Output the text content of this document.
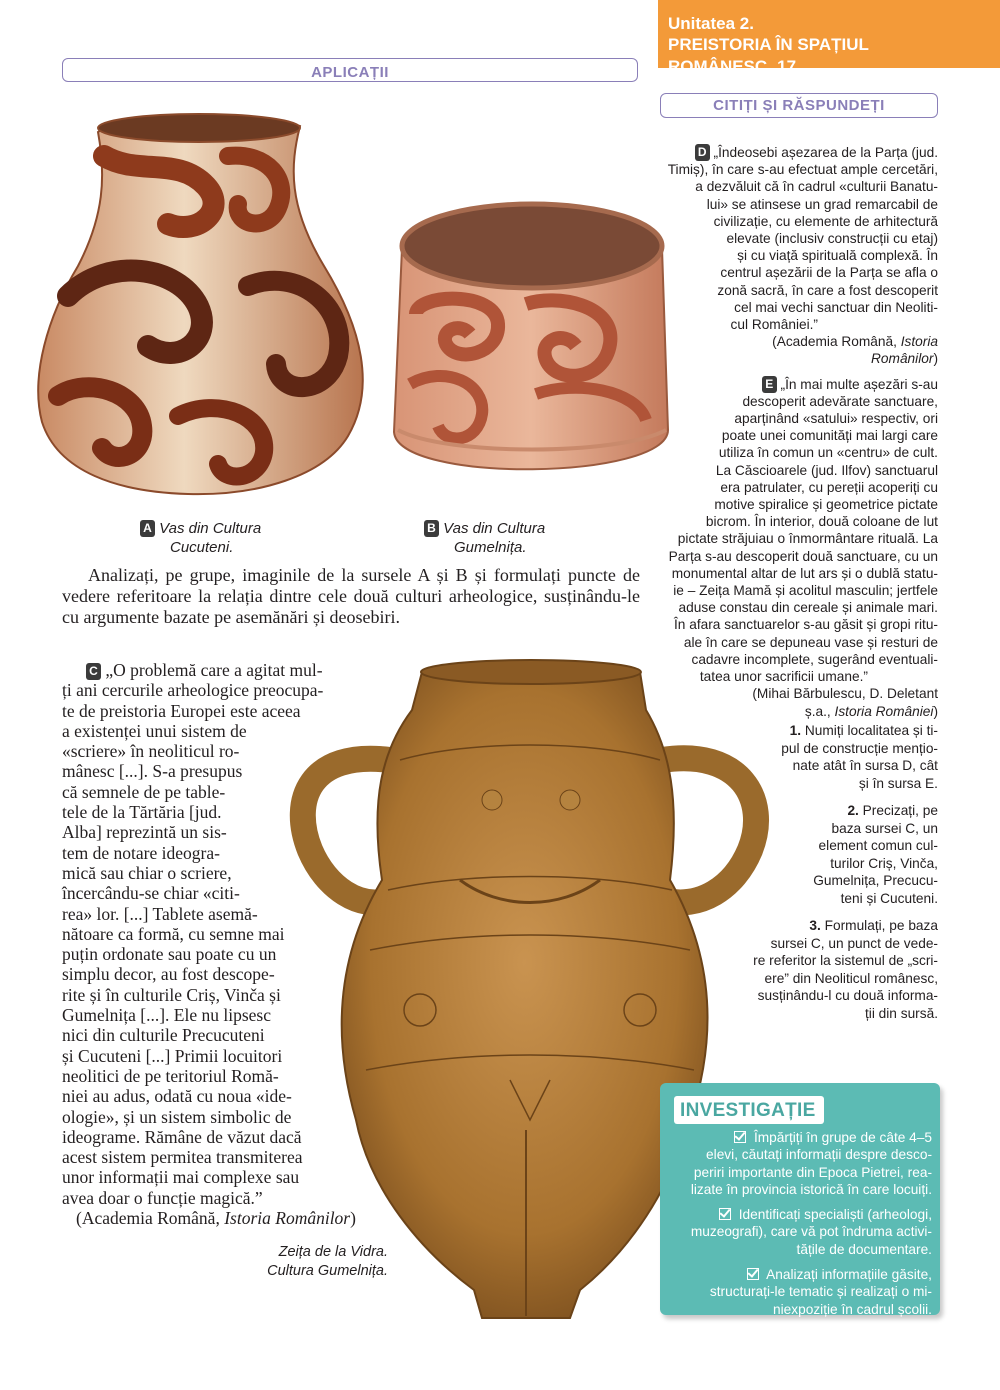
Unitatea 2.
PREISTORIA ÎN SPAȚIUL ROMÂNESC 17
APLICAȚII
CITIȚI ȘI RĂSPUNDEȚI
A Vas din Cultura
Cucuteni.
B Vas din Cultura
Gumelnița.
Analizați, pe grupe, imaginile de la sursele A și B și formulați puncte de vedere referitoare la relația dintre cele două culturi arheologice, susținându-le cu argumente bazate pe asemănări și deosebiri.
C „O problemă care a agitat mul-
ți ani cercurile arheologice preocupa-
te de preistoria Europei este aceea
a existenței unui sistem de
«scriere» în neoliticul ro-
mânesc [...]. S-a presupus
că semnele de pe table-
tele de la Tărtăria [jud.
Alba] reprezintă un sis-
tem de notare ideogra-
mică sau chiar o scriere,
încercându-se chiar «citi-
rea» lor. [...] Tablete asemă-
nătoare ca formă, cu semne mai
puțin ordonate sau poate cu un
simplu decor, au fost descope-
rite și în culturile Criș, Vinča și
Gumelnița [...]. Ele nu lipsesc
nici din culturile Precucuteni
și Cucuteni [...] Primii locuitori
neolitici de pe teritoriul Romă-
niei au adus, odată cu noua «ide-
ologie», și un sistem simbolic de
ideograme. Rămâne de văzut dacă
acest sistem permitea transmiterea
unor informații mai complexe sau
avea doar o funcție magică.”
(Academia Română, Istoria Românilor)
Zeița de la Vidra.
Cultura Gumelnița.
D „Îndeosebi așezarea de la Parța (jud.
Timiș), în care s-au efectuat ample cercetări,
a dezvăluit că în cadrul «culturii Banatu-
lui» se atinsese un grad remarcabil de
civilizație, cu elemente de arhitectură
elevate (inclusiv construcții cu etaj)
și cu viață spirituală complexă. În
centrul așezării de la Parța se afla o
zonă sacră, în care a fost descoperit
cel mai vechi sanctuar din Neoliti-
cul României.”
(Academia Română, Istoria
Românilor)
E „În mai multe așezări s-au
descoperit adevărate sanctuare,
aparținând «satului» respectiv, ori
poate unei comunități mai largi care
utiliza în comun un «centru» de cult.
La Căscioarele (jud. Ilfov) sanctuarul
era patrulater, cu pereții acoperiți cu
motive spiralice și geometrice pictate
bicrom. În interior, două coloane de lut
pictate străjuiau o înmormântare rituală. La
Parța s-au descoperit două sanctuare, cu un
monumental altar de lut ars și o dublă statu-
ie – Zeița Mamă și acolitul masculin; jertfele
aduse constau din cereale și animale mari.
În afara sanctuarelor s-au găsit și gropi ritu-
ale în care se depuneau vase și resturi de
cadavre incomplete, sugerând eventuali-
tatea unor sacrificii umane.”
(Mihai Bărbulescu, D. Deletant
ș.a., Istoria României)
1. Numiți localitatea și ti-
pul de construcție mențio-
nate atât în sursa D, cât
și în sursa E.
2. Precizați, pe
baza sursei C, un
element comun cul-
turilor Criș, Vinča,
Gumelnița, Precucu-
teni și Cucuteni.
3. Formulați, pe baza
sursei C, un punct de vede-
re referitor la sistemul de „scri-
ere” din Neoliticul românesc,
susținându-l cu două informa-
ții din sursă.
INVESTIGAȚIE
Împărțiți în grupe de câte 4–5
elevi, căutați informații despre desco-
periri importante din Epoca Pietrei, rea-
lizate în provincia istorică în care locuiți.
Identificați specialiști (arheologi,
muzeografi), care vă pot îndruma activi-
tățile de documentare.
Analizați informațiile găsite,
structurați-le tematic și realizați o mi-
niexpoziție în cadrul școlii.
